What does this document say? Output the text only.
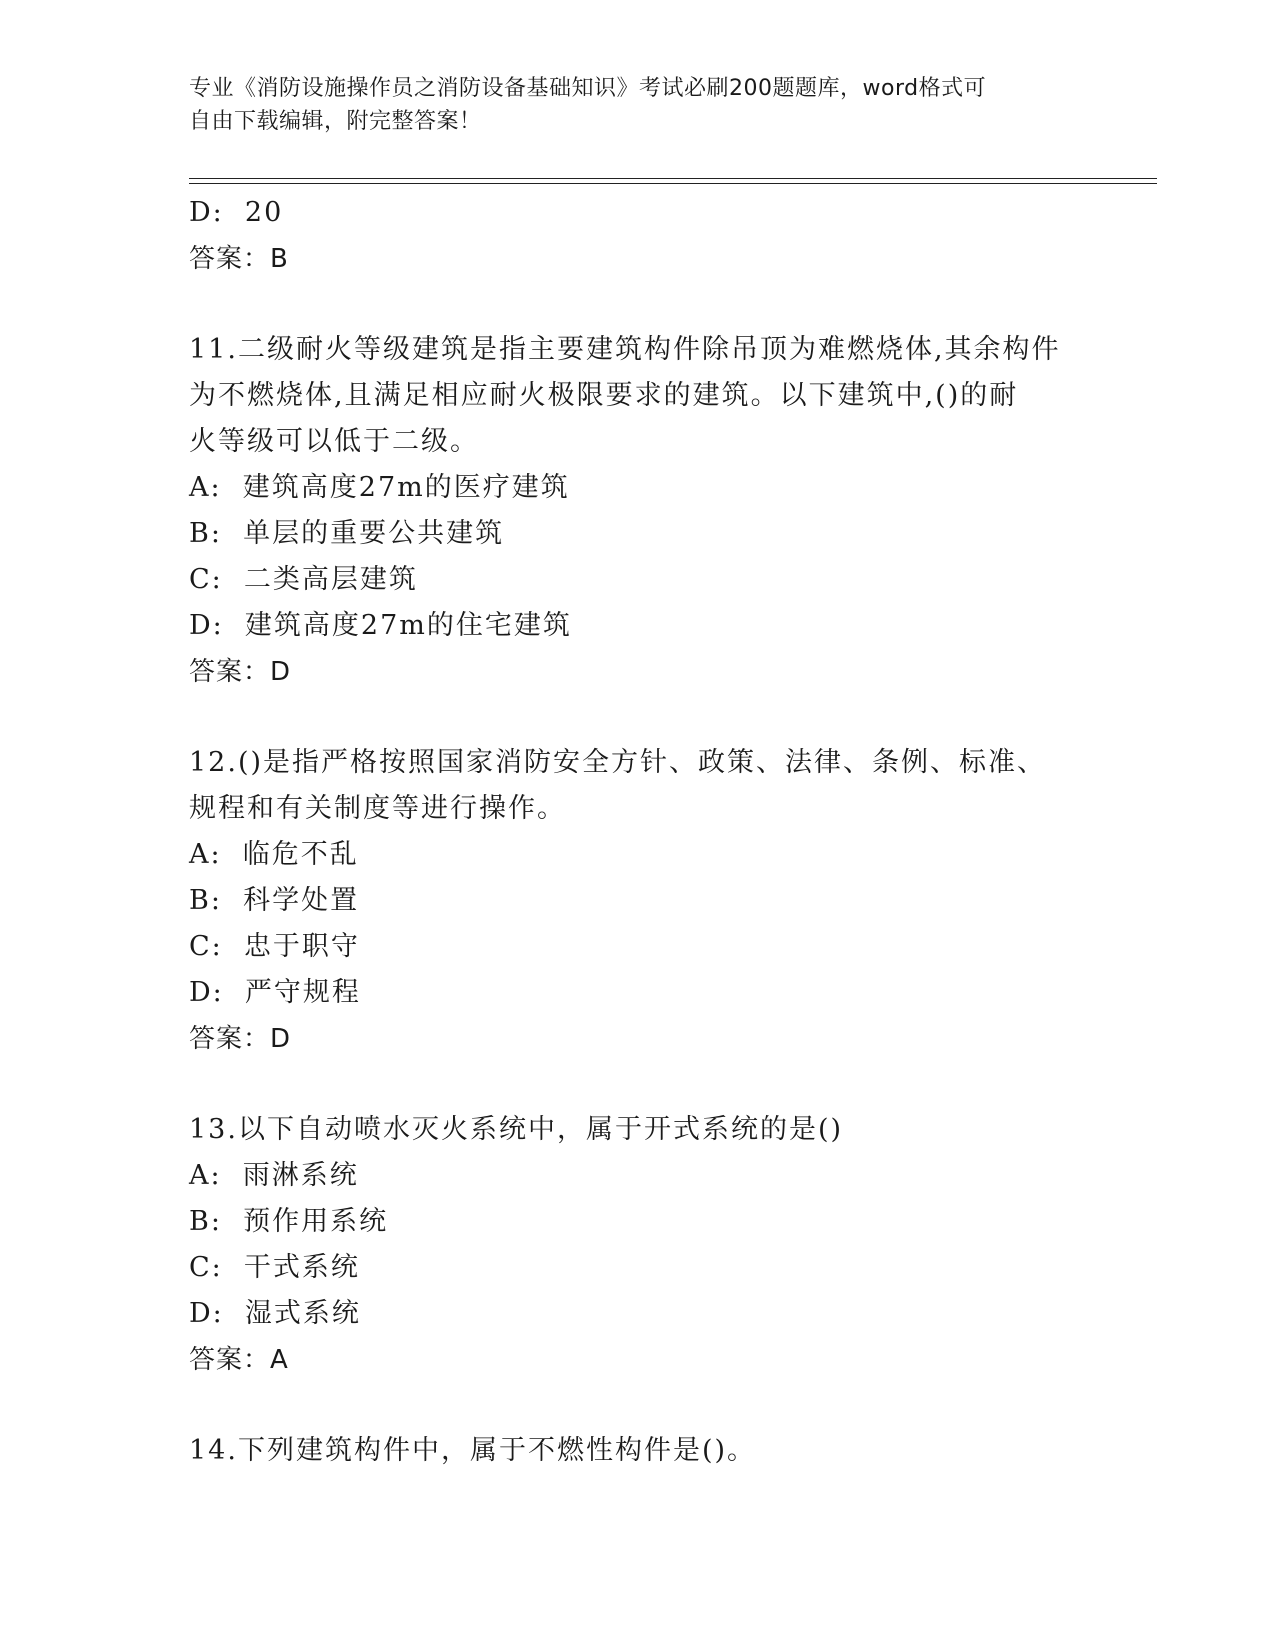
专业《消防设施操作员之消防设备基础知识》考试必刷200题题库，word格式可
自由下载编辑，附完整答案！
D:  20
答案：B
11.二级耐火等级建筑是指主要建筑构件除吊顶为难燃烧体,其余构件
为不燃烧体,且满足相应耐火极限要求的建筑。以下建筑中,()的耐
火等级可以低于二级。
A:  建筑高度27m的医疗建筑
B:  单层的重要公共建筑
C:  二类高层建筑
D:  建筑高度27m的住宅建筑
答案：D
12.()是指严格按照国家消防安全方针、政策、法律、条例、标准、
规程和有关制度等进行操作。
A:  临危不乱
B:  科学处置
C:  忠于职守
D:  严守规程
答案：D
13.以下自动喷水灭火系统中，属于开式系统的是()
A:  雨淋系统
B:  预作用系统
C:  干式系统
D:  湿式系统
答案：A
14.下列建筑构件中，属于不燃性构件是()。
